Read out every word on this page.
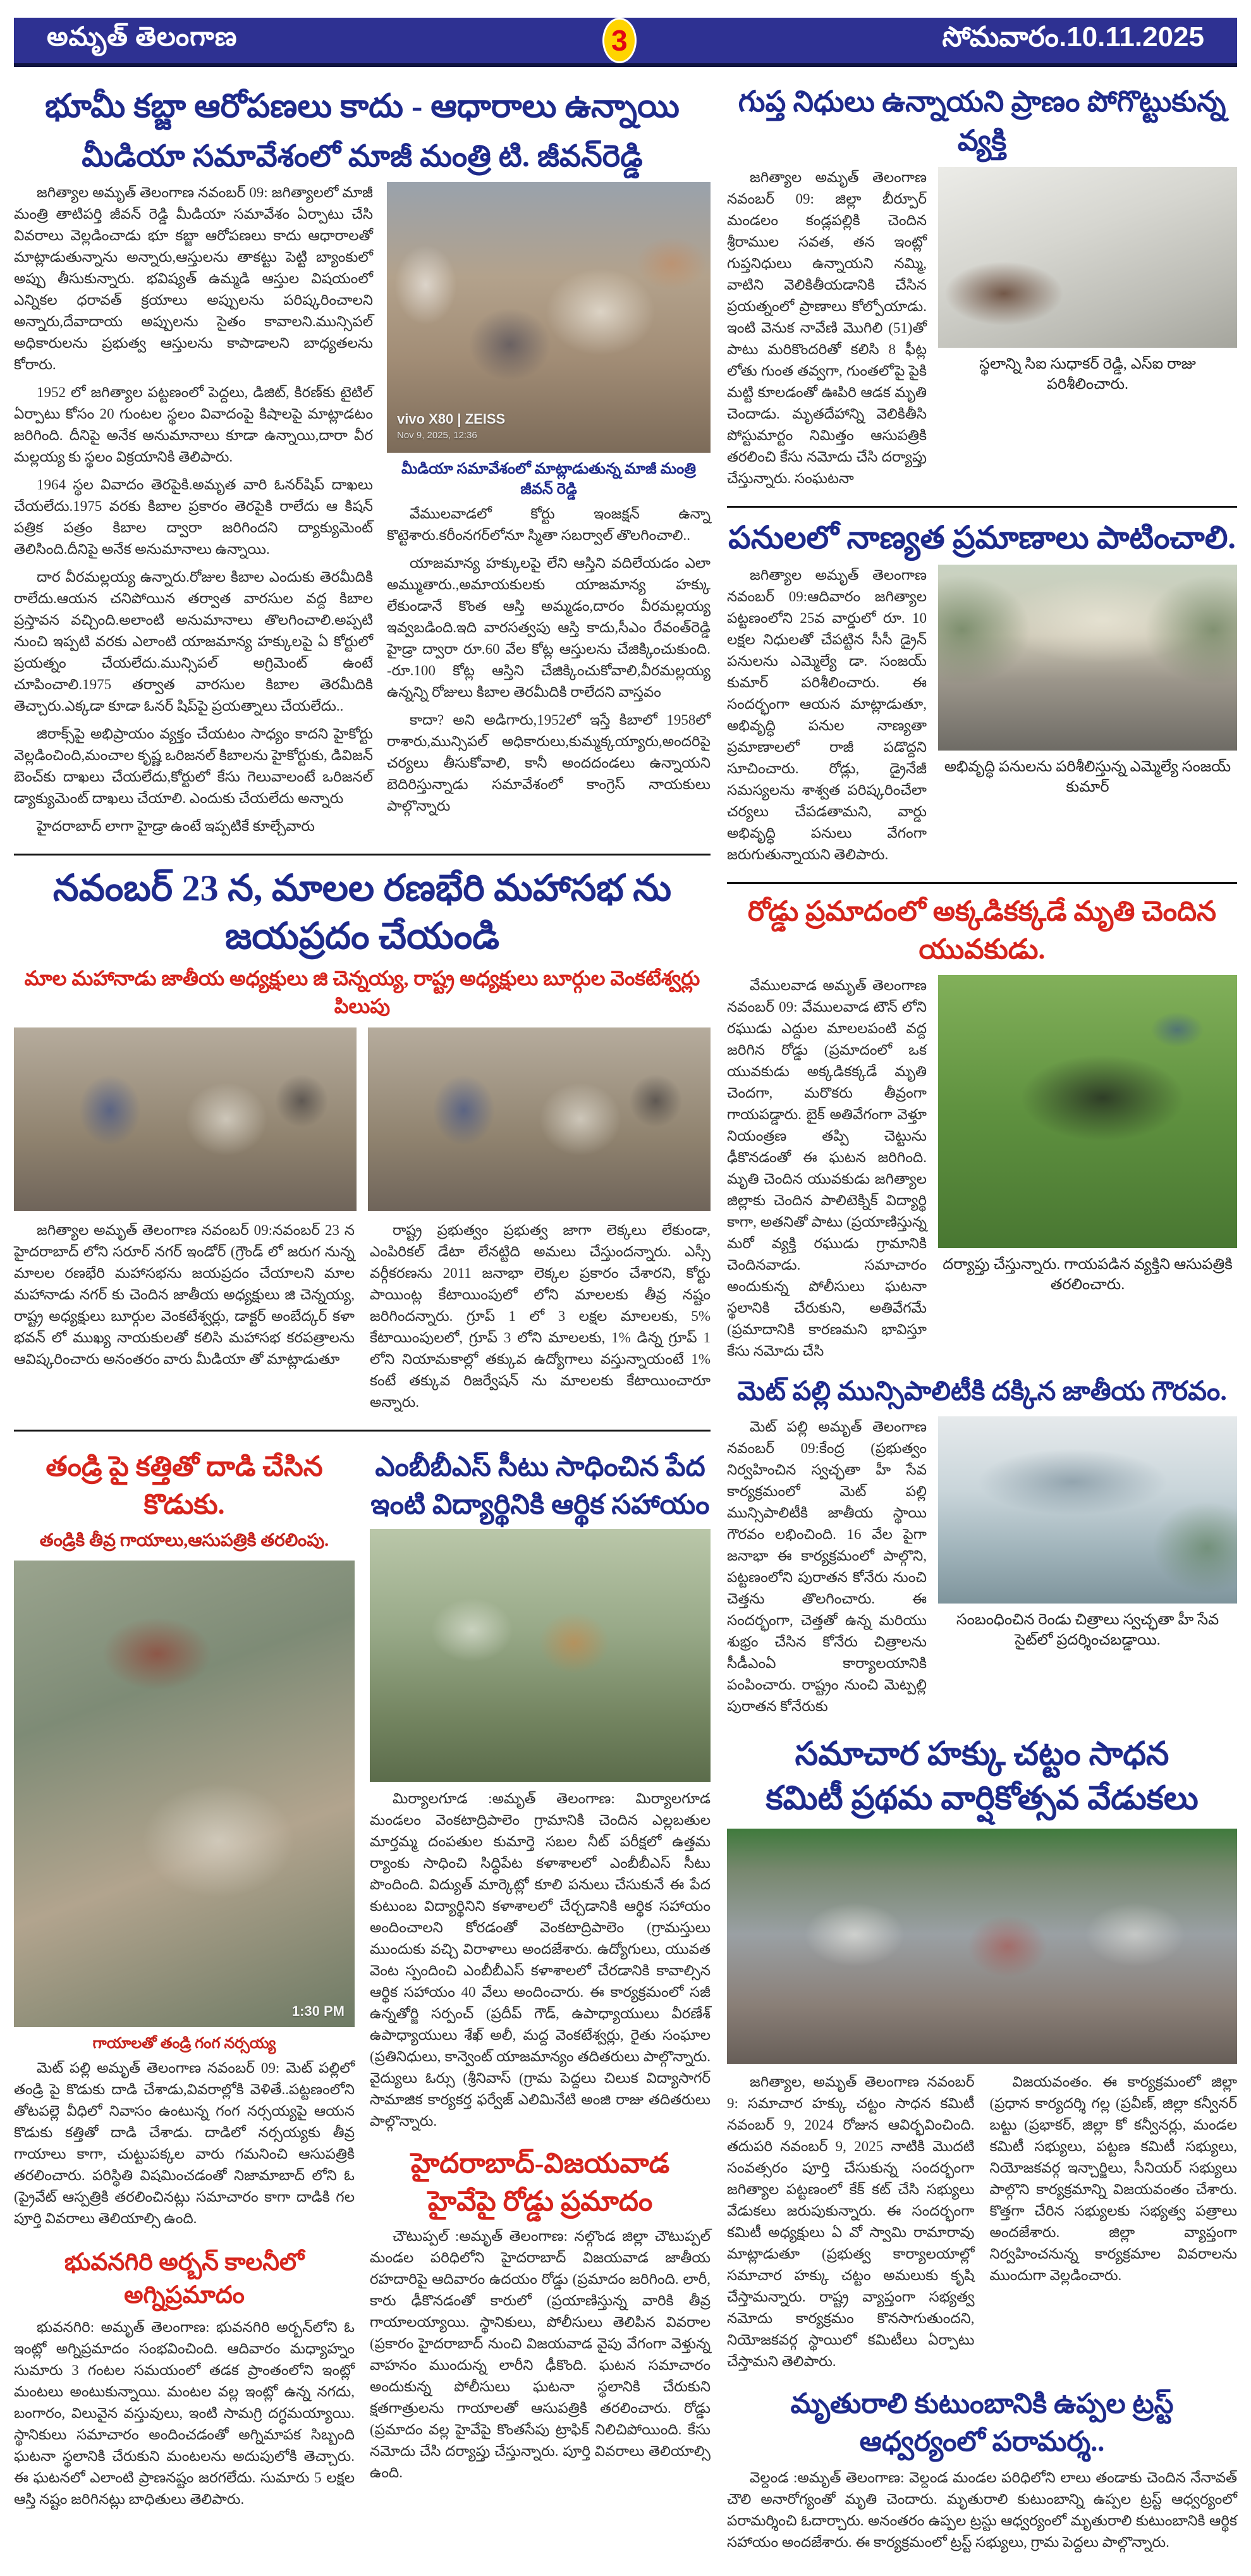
అమృత్ తెలంగాణ	3	సోమవారం.10.11.2025
భూమీ కబ్జా ఆరోపణలు కాదు - ఆధారాలు ఉన్నాయి
మీడియా సమావేశంలో మాజీ మంత్రి టి. జీవన్‌రెడ్డి

జగిత్యాల అమృత్ తెలంగాణ నవంబర్ 09: జగిత్యాలలో మాజీ మంత్రి తాటిపర్తి జీవన్ రెడ్డి మీడియా సమావేశం ఏర్పాటు చేసి వివరాలు వెల్లడించాడు భూ కబ్జా ఆరోపణలు కాదు ఆధారాలతో మాట్లాడుతున్నాను అన్నారు,ఆస్తులను తాకట్టు పెట్టి బ్యాంకులో అప్పు తీసుకున్నారు. భవిష్యత్ ఉమ్మడి ఆస్తుల విషయంలో ఎన్నికల ధరావత్ క్రయాలు అప్పులను పరిష్కరించాలని అన్నారు,దేవాదాయ అప్పులను సైతం కావాలని.మున్సిపల్ అధికారులను ప్రభుత్వ ఆస్తులను కాపాడాలని బాధ్యతలను కోరారు.

1952 లో జగిత్యాల పట్టణంలో పెద్దలు, డిజిట్, కిరణ్‌కు టైటిల్ ఏర్పాటు కోసం 20 గుంటల స్థలం వివాదంపై కిషాలపై మాట్లాడటం జరిగింది. దీనిపై అనేక అనుమానాలు కూడా ఉన్నాయి,దారా వీర మల్లయ్య కు స్థలం విక్రయానికి తెలిపారు.

1964 స్థల వివాదం తెరపైకి.అమృత వారి ఓనర్‌షిప్ దాఖలు చేయలేదు.1975 వరకు కిబాల ప్రకారం తెరపైకి రాలేదు ఆ కిషన్ పత్రిక పత్రం కిబాల ద్వారా జరిగిందని ద్యాక్యుమెంట్ తెలిసింది.దీనిపై అనేక అనుమానాలు ఉన్నాయి.

దార వీరమల్లయ్య ఉన్నారు.రోజుల కిబాల ఎందుకు తెరమీదికి రాలేదు.ఆయన చనిపోయిన తర్వాత వారసుల వద్ద కిబాల ప్రస్తావన వచ్చింది.అలాంటి అనుమానాలు తొలగించాలి.అప్పటి నుంచి ఇప్పటి వరకు ఎలాంటి యాజమాన్య హక్కులపై ఏ కోర్టులో ప్రయత్నం చేయలేదు.మున్సిపల్ అగ్రిమెంట్ ఉంటే చూపించాలి.1975 తర్వాత వారసుల కిబాల తెరమీదికి తెచ్చారు.ఎక్కడా కూడా ఓనర్ షిప్‌పై ప్రయత్నాలు చేయలేదు..

జిరాక్స్‌పై అభిప్రాయం వ్యక్తం చేయటం సాధ్యం కాదని హైకోర్టు వెల్లడించింది,మంచాల కృష్ణ ఒరిజనల్ కిబాలను హైకోర్టుకు, డివిజన్ బెంచ్‌కు దాఖలు చేయలేదు,కోర్టులో కేసు గెలువాలంటే ఒరిజనల్ డ్యాక్యుమెంట్ దాఖలు చేయాలి. ఎందుకు చేయలేదు అన్నారు

హైదరాబాద్ లాగా హైడ్రా ఉంటే ఇప్పటికే కూల్చేవారు

vivo X80 | ZEISS
Nov 9, 2025, 12:36

మీడియా సమావేశంలో మాట్లాడుతున్న మాజీ మంత్రి జీవన్ రెడ్డి

వేములవాడలో కోర్టు ఇంజక్షన్ ఉన్నా కొట్టెశారు.కరీంనగర్‌లోనూ స్మితా సబర్వాల్ తొలగించాలి..

యాజమాన్య హక్కులపై లేని ఆస్తిని వదిలేయడం ఎలా అమ్ముతారు.,అమాయకులకు యాజమాన్య హక్కు లేకుండానే కొంత ఆస్తి అమ్మడం,దారం వీరమల్లయ్య ఇవ్వబడింది.ఇది వారసత్వపు ఆస్తి కాదు,సీఎం రేవంత్‌రెడ్డి హైడ్రా ద్వారా రూ.60 వేల కోట్ల ఆస్తులను చేజిక్కించుకుంది. -రూ.100 కోట్ల ఆస్తిని చేజిక్కించుకోవాలి,వీరమల్లయ్య ఉన్నన్ని రోజులు కిబాల తెరమీదికి రాలేదని వాస్తవం

కాదా? అని అడిగారు,1952లో ఇస్తే కిబాలో 1958లో రాశారు,మున్సిపల్ అధికారులు,కుమ్మక్కయ్యారు,అందరిపై చర్యలు తీసుకోవాలి, కానీ అందదండలు ఉన్నాయని బెదిరిస్తున్నాడు సమావేశంలో కాంగ్రెస్ నాయకులు పాల్గొన్నారు

నవంబర్ 23 న, మాలల రణభేరి మహాసభ ను జయప్రదం చేయండి

మాల మహానాడు జాతీయ అధ్యక్షులు జి చెన్నయ్య, రాష్ట్ర అధ్యక్షులు బూర్గుల వెంకటేశ్వర్లు పిలుపు

జగిత్యాల అమృత్ తెలంగాణ నవంబర్ 09:నవంబర్ 23 న హైదరాబాద్ లోని సరూర్ నగర్ ఇండోర్ (గ్రౌండ్ లో జరుగ నున్న మాలల రణభేరి మహాసభను జయప్రదం చేయాలని మాల మహానాడు నగర్ కు చెందిన జాతీయ అధ్యక్షులు జి చెన్నయ్య, రాష్ట్ర అధ్యక్షులు బూర్గుల వెంకటేశ్వర్లు, డాక్టర్ అంబేద్కర్ కళా భవన్ లో ముఖ్య నాయకులతో కలిసి మహాసభ కరపత్రాలను ఆవిష్కరించారు అనంతరం వారు మీడియా తో మాట్లాడుతూ

రాష్ట్ర ప్రభుత్వం ప్రభుత్వ జాగా లెక్కలు లేకుండా, ఎంపిరికల్ డేటా లేనట్టిది అమలు చేస్తుందన్నారు. ఎస్సీ వర్గీకరణను 2011 జనాభా లెక్కల ప్రకారం చేశారని, కోర్టు పాయింట్ల కేటాయింపులో లోని మాలలకు తీవ్ర నష్టం జరిగిందన్నారు. గ్రూప్ 1 లో 3 లక్షల మాలలకు, 5% కేటాయింపులలో, గ్రూప్ 3 లోని మాలలకు, 1% డిన్న గ్రూప్ 1 లోని నియామకాల్లో తక్కువ ఉద్యోగాలు వస్తున్నాయంటే 1% కంటే తక్కువ రిజర్వేషన్ ను మాలలకు కేటాయించారూ అన్నారు.

తండ్రి పై కత్తితో దాడి చేసిన కొడుకు.

తండ్రికి తీవ్ర గాయాలు,ఆసుపత్రికి తరలింపు.

1:30 PM

గాయాలతో తండ్రి గంగ నర్సయ్య

మెట్ పల్లి అమృత్ తెలంగాణ నవంబర్ 09: మెట్ పల్లిలో తండ్రి పై కొడుకు దాడి చేశాడు,వివరాల్లోకి వెళితే..పట్టణంలోని తోటపల్లె వీధిలో నివాసం ఉంటున్న గంగ నర్సయ్యపై ఆయన కొడుకు కత్తితో దాడి చేశాడు. దాడిలో నర్సయ్యకు తీవ్ర గాయాలు కాగా, చుట్టుపక్కల వారు గమనించి ఆసుపత్రికి తరలించారు. పరిస్థితి విషమించడంతో నిజామాబాద్ లోని ఓ (ప్రైవేట్ ఆస్పత్రికి తరలించినట్లు సమాచారం కాగా దాడికి గల పూర్తి వివరాలు తెలియాల్సి ఉంది.

భువనగిరి అర్బన్ కాలనీలో అగ్నిప్రమాదం

భువనగిరి: అమృత్ తెలంగాణ: భువనగిరి అర్బన్‌లోని ఓ ఇంట్లో అగ్నిప్రమాదం సంభవించింది. ఆదివారం మధ్యాహ్నం సుమారు 3 గంటల సమయంలో తడక ప్రాంతంలోని ఇంట్లో మంటలు అంటుకున్నాయి. మంటల వల్ల ఇంట్లో ఉన్న నగదు, బంగారం, విలువైన వస్తువులు, ఇంటి సామగ్రి దగ్ధమయ్యాయి. స్థానికులు సమాచారం అందించడంతో అగ్నిమాపక సిబ్బంది ఘటనా స్థలానికి చేరుకుని మంటలను అదుపులోకి తెచ్చారు. ఈ ఘటనలో ఎలాంటి ప్రాణనష్టం జరగలేదు. సుమారు 5 లక్షల ఆస్తి నష్టం జరిగినట్లు బాధితులు తెలిపారు.

ఎంబీబీఎస్ సీటు సాధించిన పేద
ఇంటి విద్యార్థినికి ఆర్థిక సహాయం

మిర్యాలగూడ :అమృత్ తెలంగాణ: మిర్యాలగూడ మండలం వెంకటాద్రిపాలెం గ్రామానికి చెందిన ఎల్లబతుల మార్తమ్మ దంపతుల కుమార్తె సబల నీట్ పరీక్షలో ఉత్తమ ర్యాంకు సాధించి సిద్ధిపేట కళాశాలలో ఎంబీబీఎస్ సీటు పొందింది. విద్యుత్ మార్కెట్లో కూలి పనులు చేసుకునే ఈ పేద కుటుంబ విద్యార్థినిని కళాశాలలో చేర్చడానికి ఆర్థిక సహాయం అందించాలని కోరడంతో వెంకటాద్రిపాలెం (గ్రామస్తులు ముందుకు వచ్చి విరాళాలు అందజేశారు. ఉద్యోగులు, యువత వెంట స్పందించి ఎంబీబీఎస్ కళాశాలలో చేరడానికి కావాల్సిన ఆర్థిక సహాయం 40 వేలు అందించారు. ఈ కార్యక్రమంలో సజీ ఉన్నతోర్జి సర్పంచ్ (ప్రదీప్ గౌడ్, ఉపాధ్యాయులు వీరణేశ్ ఉపాధ్యాయులు శేఖ్ అలీ, మద్ద వెంకటేశ్వర్లు, రైతు సంఘాల (ప్రతినిధులు, కాన్వెంట్ యాజమాన్యం తదితరులు పాల్గొన్నారు. వైద్యులు ఓర్సు (శ్రీనివాస్ (గ్రామ పెద్దలు చిలుక విద్యాసాగర్ సామాజిక కార్యకర్త ఫర్వేజ్ ఎలిమినేటి అంజి రాజు తదితరులు పాల్గొన్నారు.

హైదరాబాద్-విజయవాడ
హైవేపై రోడ్డు ప్రమాదం

చౌటుప్పల్ :అమృత్ తెలంగాణ: నల్గొండ జిల్లా చౌటుప్పల్ మండల పరిధిలోని హైదరాబాద్ విజయవాడ జాతీయ రహదారిపై ఆదివారం ఉదయం రోడ్డు (ప్రమాదం జరిగింది. లారీ, కారు ఢీకొనడంతో కారులో (ప్రయాణిస్తున్న వారికి తీవ్ర గాయాలయ్యాయి. స్థానికులు, పోలీసులు తెలిపిన వివరాల (ప్రకారం హైదరాబాద్ నుంచి విజయవాడ వైపు వేగంగా వెళ్తున్న వాహనం ముందున్న లారీని ఢీకొంది. ఘటన సమాచారం అందుకున్న పోలీసులు ఘటనా స్థలానికి చేరుకుని క్షతగాత్రులను గాయాలతో ఆసుపత్రికి తరలించారు. రోడ్డు (ప్రమాదం వల్ల హైవేపై కొంతసేపు ట్రాఫిక్ నిలిచిపోయింది. కేసు నమోదు చేసి దర్యాప్తు చేస్తున్నారు. పూర్తి వివరాలు తెలియాల్సి ఉంది.

గుప్త నిధులు ఉన్నాయని ప్రాణం పోగొట్టుకున్న వ్యక్తి

జగిత్యాల అమృత్ తెలంగాణ నవంబర్ 09: జిల్లా బీర్పూర్ మండలం కండ్లపల్లికి చెందిన శ్రీరాముల సవత, తన ఇంట్లో గుప్తనిధులు ఉన్నాయని నమ్మి, వాటిని వెలికితీయడానికి చేసిన ప్రయత్నంలో ప్రాణాలు కోల్పోయాడు. ఇంటి వెనుక నావేణి మొగిలి (51)తో పాటు మరికొందరితో కలిసి 8 ఫీట్ల లోతు గుంత తవ్వగా, గుంతలోపై పైకి మట్టి కూలడంతో ఊపిరి ఆడక మృతి చెందాడు. మృతదేహాన్ని వెలికితీసి పోస్టుమార్టం నిమిత్తం ఆసుపత్రికి తరలించి కేసు నమోదు చేసి దర్యాప్తు చేస్తున్నారు. సంఘటనా

స్థలాన్ని సిఐ సుధాకర్ రెడ్డి, ఎస్ఐ రాజు పరిశీలించారు.

పనులలో నాణ్యత ప్రమాణాలు పాటించాలి.

జగిత్యాల అమృత్ తెలంగాణ నవంబర్ 09:ఆదివారం జగిత్యాల పట్టణంలోని 25వ వార్డులో రూ. 10 లక్షల నిధులతో చేపట్టిన సీసీ డ్రైన్ పనులను ఎమ్మెల్యే డా. సంజయ్ కుమార్ పరిశీలించారు. ఈ సందర్భంగా ఆయన మాట్లాడుతూ, అభివృద్ధి పనుల నాణ్యతా ప్రమాణాలలో రాజీ పడొద్దని సూచించారు. రోడ్లు, డ్రైనేజీ సమస్యలను శాశ్వత పరిష్కరించేలా చర్యలు చేపడతామని, వార్డు అభివృద్ధి పనులు వేగంగా జరుగుతున్నాయని తెలిపారు.

అభివృద్ధి పనులను పరిశీలిస్తున్న ఎమ్మెల్యే సంజయ్ కుమార్

రోడ్డు ప్రమాదంలో అక్కడికక్కడే మృతి చెందిన యువకుడు.

వేములవాడ అమృత్ తెలంగాణ నవంబర్ 09: వేములవాడ టౌన్ లోని రఘుడు ఎద్దుల మాలలపంటి వద్ద జరిగిన రోడ్డు (ప్రమాదంలో ఒక యువకుడు అక్కడికక్కడే మృతి చెందగా, మరొకరు తీవ్రంగా గాయపడ్డారు. బైక్ అతివేగంగా వెళ్తూ నియంత్రణ తప్పి చెట్టును ఢీకొనడంతో ఈ ఘటన జరిగింది. మృతి చెందిన యువకుడు జగిత్యాల జిల్లాకు చెందిన పాలిటెక్నిక్ విద్యార్థి కాగా, అతనితో పాటు (ప్రయాణిస్తున్న మరో వ్యక్తి రఘుడు గ్రామానికి చెందినవాడు. సమాచారం అందుకున్న పోలీసులు ఘటనా స్థలానికి చేరుకుని, అతివేగమే (ప్రమాదానికి కారణమని భావిస్తూ కేసు నమోదు చేసి

దర్యాప్తు చేస్తున్నారు. గాయపడిన వ్యక్తిని ఆసుపత్రికి తరలించారు.

మెట్ పల్లి మున్సిపాలిటీకి దక్కిన జాతీయ గౌరవం.

మెట్ పల్లి అమృత్ తెలంగాణ నవంబర్ 09:కేంద్ర (ప్రభుత్వం నిర్వహించిన స్వచ్ఛతా హీ సేవ కార్యక్రమంలో మెట్ పల్లి మున్సిపాలిటీకి జాతీయ స్థాయి గౌరవం లభించింది. 16 వేల పైగా జనాభా ఈ కార్యక్రమంలో పాల్గొని, పట్టణంలోని పురాతన కోనేరు నుంచి చెత్తను తొలగించారు. ఈ సందర్భంగా, చెత్తతో ఉన్న మరియు శుభ్రం చేసిన కోనేరు చిత్రాలను సీడీఎంఏ కార్యాలయానికి పంపించారు. రాష్ట్రం నుంచి మెట్పల్లి పురాతన కోనేరుకు

సంబంధించిన రెండు చిత్రాలు స్వచ్ఛతా హీ సేవ సైట్‌లో ప్రదర్శించబడ్డాయి.

సమాచార హక్కు చట్టం సాధన
కమిటీ ప్రథమ వార్షికోత్సవ వేడుకలు

జగిత్యాల, అమృత్ తెలంగాణ నవంబర్ 9: సమాచార హక్కు చట్టం సాధన కమిటీ నవంబర్ 9, 2024 రోజున ఆవిర్భవించింది. తదుపరి నవంబర్ 9, 2025 నాటికి మొదటి సంవత్సరం పూర్తి చేసుకున్న సందర్భంగా జగిత్యాల పట్టణంలో కేక్ కట్ చేసి సభ్యులు వేడుకలు జరుపుకున్నారు. ఈ సందర్భంగా కమిటీ అధ్యక్షులు ఏ వో స్వామి రామారావు మాట్లాడుతూ (ప్రభుత్వ కార్యాలయాల్లో సమాచార హక్కు చట్టం అమలుకు కృషి చేస్తామన్నారు. రాష్ట్ర వ్యాప్తంగా సభ్యత్వ నమోదు కార్యక్రమం కొనసాగుతుందని, నియోజకవర్గ స్థాయిలో కమిటీలు ఏర్పాటు చేస్తామని తెలిపారు.

విజయవంతం. ఈ కార్యక్రమంలో జిల్లా (ప్రధాన కార్యదర్శి గల్ల (ప్రవీణ్, జిల్లా కన్వీనర్ బట్టు (ప్రభాకర్, జిల్లా కో కన్వీనర్లు, మండల కమిటీ సభ్యులు, పట్టణ కమిటీ సభ్యులు, నియోజకవర్గ ఇన్చార్జిలు, సీనియర్ సభ్యులు పాల్గొని కార్యక్రమాన్ని విజయవంతం చేశారు. కొత్తగా చేరిన సభ్యులకు సభ్యత్వ పత్రాలు అందజేశారు. జిల్లా వ్యాప్తంగా నిర్వహించనున్న కార్యక్రమాల వివరాలను ముందుగా వెల్లడించారు.

మృతురాలి కుటుంబానికి ఉప్పల ట్రస్ట్ ఆధ్వర్యంలో పరామర్శ..

వెల్దండ :అమృత్ తెలంగాణ: వెల్దండ మండల పరిధిలోని లాలు తండాకు చెందిన నేనావత్ చౌలి అనారోగ్యంతో మృతి చెందారు. మృతురాలి కుటుంబాన్ని ఉప్పల ట్రస్ట్ ఆధ్వర్యంలో పరామర్శించి ఓదార్చారు. అనంతరం ఉప్పల ట్రస్టు ఆధ్వర్యంలో మృతురాలి కుటుంబానికి ఆర్థిక సహాయం అందజేశారు. ఈ కార్యక్రమంలో ట్రస్ట్ సభ్యులు, గ్రామ పెద్దలు పాల్గొన్నారు.
